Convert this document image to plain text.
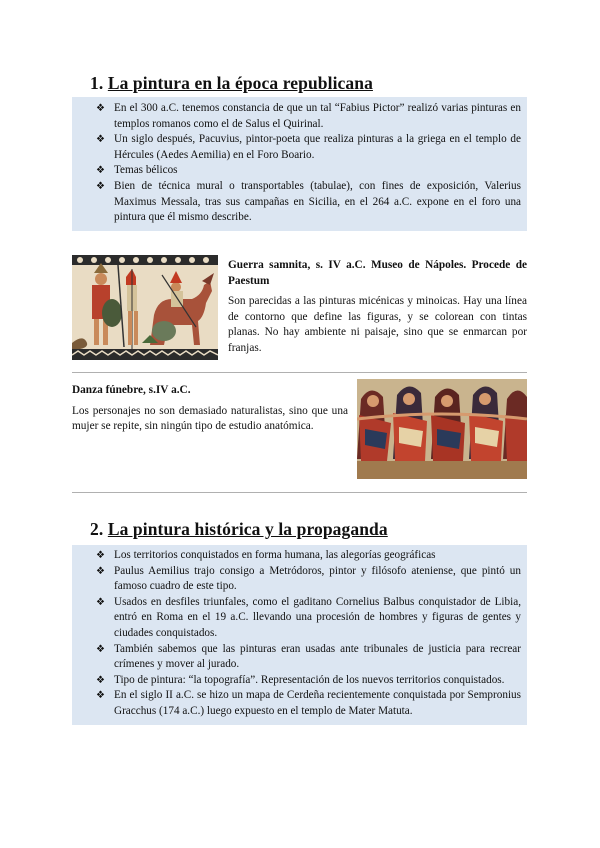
1. La pintura en la época republicana
❖ En el 300 a.C. tenemos constancia de que un tal “Fabius Pictor” realizó varias pinturas en templos romanos como el de Salus el Quirinal.
❖ Un siglo después, Pacuvius, pintor-poeta que realiza pinturas a la griega en el templo de Hércules (Aedes Aemilia) en el Foro Boario.
❖ Temas bélicos
❖ Bien de técnica mural o transportables (tabulae), con fines de exposición, Valerius Maximus Messala, tras sus campañas en Sicilia, en el 264 a.C. expone en el foro una pintura que él mismo describe.
Guerra samnita, s. IV a.C. Museo de Nápoles. Procede de Paestum
Son parecidas a las pinturas micénicas y minoicas. Hay una línea de contorno que define las figuras, y se colorean con tintas planas. No hay ambiente ni paisaje, sino que se enmarcan por franjas.
Danza fúnebre, s.IV a.C.
Los personajes no son demasiado naturalistas, sino que una mujer se repite, sin ningún tipo de estudio anatómica.
2. La pintura histórica y la propaganda
❖ Los territorios conquistados en forma humana, las alegorías geográficas
❖ Paulus Aemilius trajo consigo a Metródoros, pintor y filósofo ateniense, que pintó un famoso cuadro de este tipo.
❖ Usados en desfiles triunfales, como el gaditano Cornelius Balbus conquistador de Libia, entró en Roma en el 19 a.C. llevando una procesión de hombres y figuras de gentes y ciudades conquistados.
❖ También sabemos que las pinturas eran usadas ante tribunales de justicia para recrear crímenes y mover al jurado.
❖ Tipo de pintura: “la topografía”. Representación de los nuevos territorios conquistados.
❖ En el siglo II a.C. se hizo un mapa de Cerdeña recientemente conquistada por Sempronius Gracchus (174 a.C.) luego expuesto en el templo de Mater Matuta.
